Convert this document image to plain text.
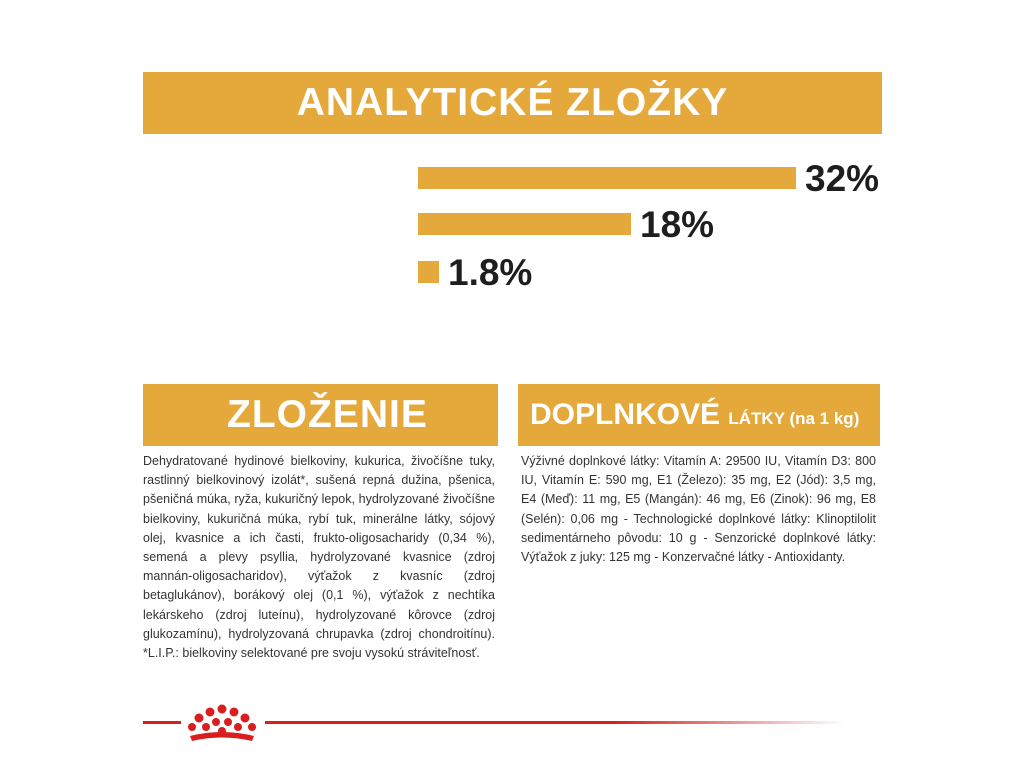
ANALYTICKÉ ZLOŽKY
32%
18%
1.8%
ZLOŽENIE	DOPLNKOVÉ LÁTKY (na 1 kg)
Dehydratované hydinové bielkoviny, kukurica, živočíšne tuky, rastlinný bielkovinový izolát*, sušená repná dužina, pšenica, pšeničná múka, ryža, kukuričný lepok, hydrolyzované živočíšne bielkoviny, kukuričná múka, rybí tuk, minerálne látky, sójový olej, kvasnice a ich časti, frukto-oligosacharidy (0,34 %), semená a plevy psyllia, hydrolyzované kvasnice (zdroj mannán-oligosacharidov), výťažok z kvasníc (zdroj betaglukánov), borákový olej (0,1 %), výťažok z nechtíka lekárskeho (zdroj luteínu), hydrolyzované kôrovce (zdroj glukozamínu), hydrolyzovaná chrupavka (zdroj chondroitínu). *L.I.P.: bielkoviny selektované pre svoju vysokú stráviteľnosť.
Výživné doplnkové látky: Vitamín A: 29500 IU, Vitamín D3: 800 IU, Vitamín E: 590 mg, E1 (Železo): 35 mg, E2 (Jód): 3,5 mg, E4 (Meď): 11 mg, E5 (Mangán): 46 mg, E6 (Zinok): 96 mg, E8 (Selén): 0,06 mg - Technologické doplnkové látky: Klinoptilolit sedimentárneho pôvodu: 10 g - Senzorické doplnkové látky: Výťažok z juky: 125 mg - Konzervačné látky - Antioxidanty.
